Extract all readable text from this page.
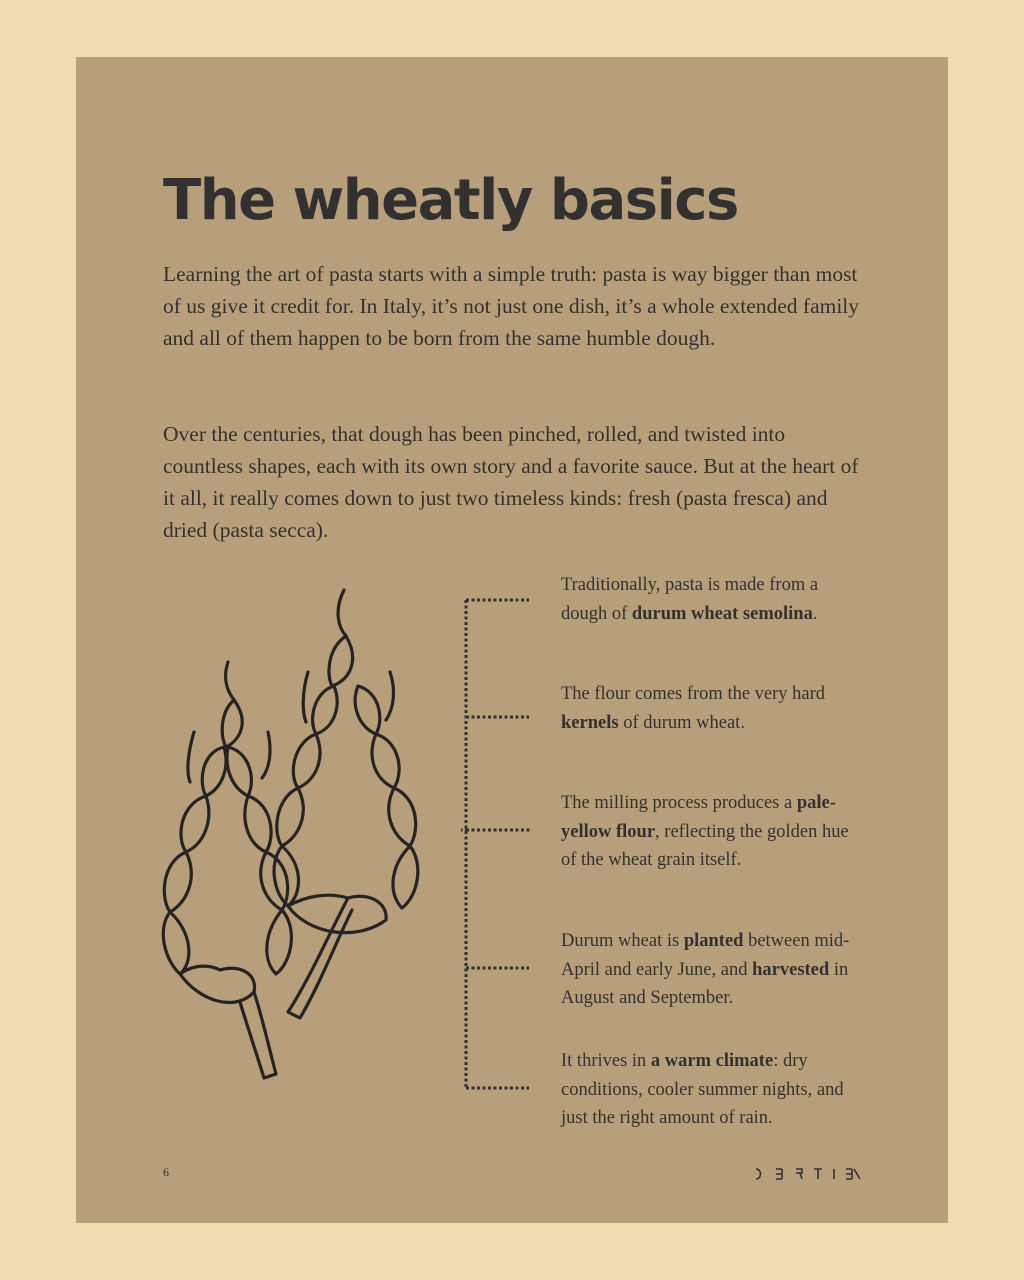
The wheatly basics

Learning the art of pasta starts with a simple truth: pasta is way bigger than most of us give it credit for. In Italy, it’s not just one dish, it’s a whole extended family and all of them happen to be born from the same humble dough.

Over the centuries, that dough has been pinched, rolled, and twisted into countless shapes, each with its own story and a favorite sauce. But at the heart of it all, it really comes down to just two timeless kinds: fresh (pasta fresca) and dried (pasta secca).

Traditionally, pasta is made from a dough of durum wheat semolina.

The flour comes from the very hard kernels of durum wheat.

The milling process produces a pale-yellow flour, reflecting the golden hue of the wheat grain itself.

Durum wheat is planted between mid-April and early June, and harvested in August and September.

It thrives in a warm climate: dry conditions, cooler summer nights, and just the right amount of rain.

6
